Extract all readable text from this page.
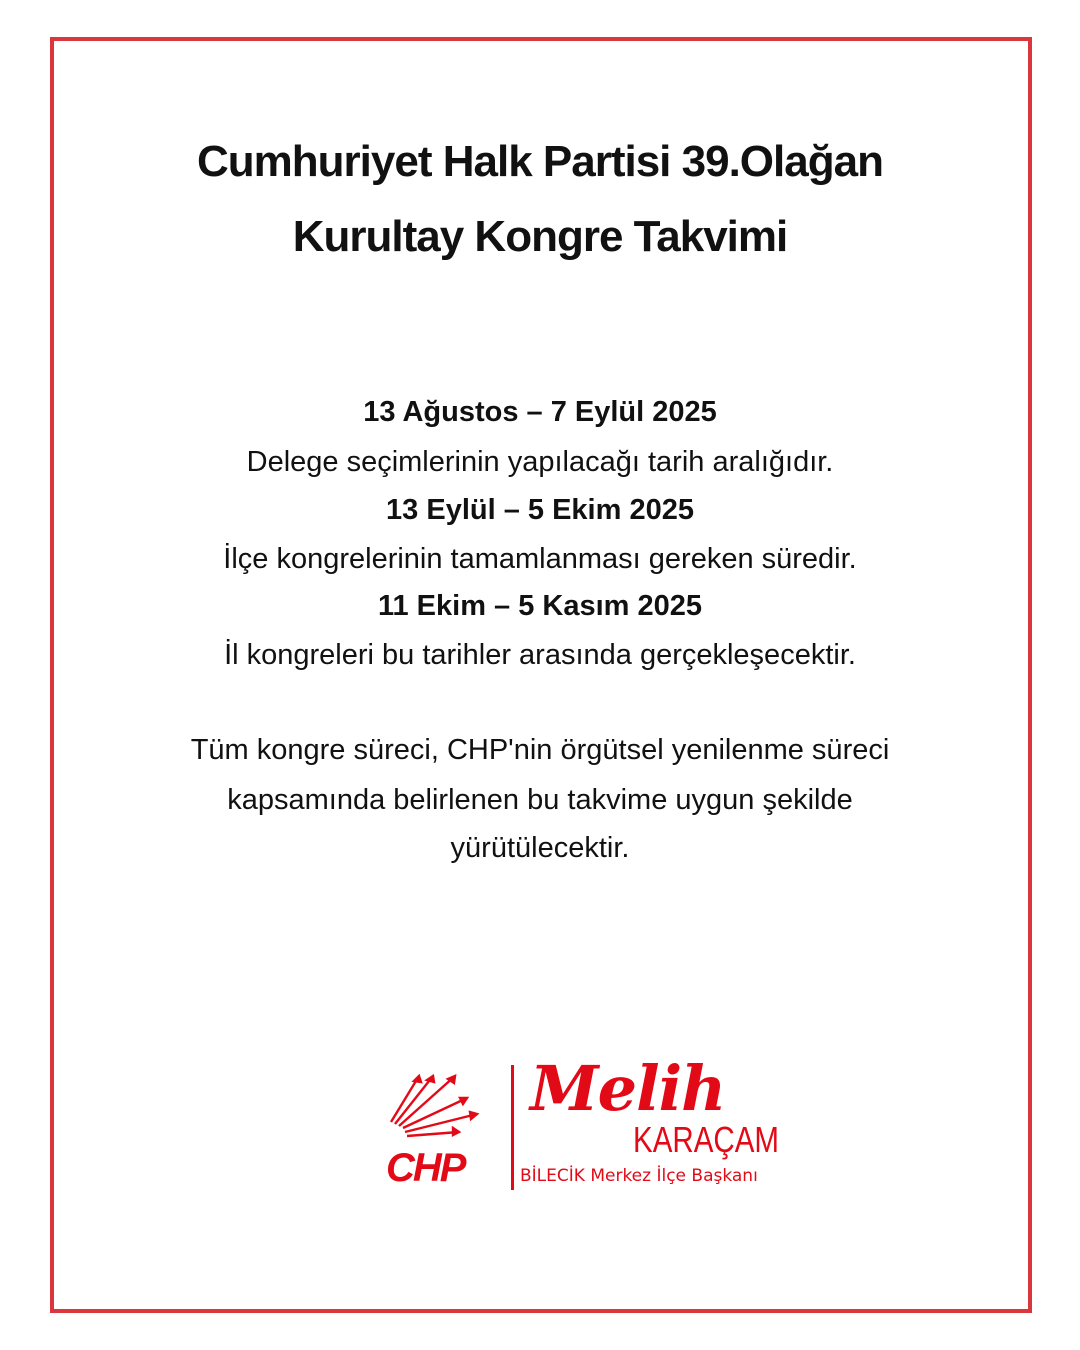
Cumhuriyet Halk Partisi 39.Olağan
Kurultay Kongre Takvimi
13 Ağustos – 7 Eylül 2025
Delege seçimlerinin yapılacağı tarih aralığıdır.
13 Eylül – 5 Ekim 2025
İlçe kongrelerinin tamamlanması gereken süredir.
11 Ekim – 5 Kasım 2025
İl kongreleri bu tarihler arasında gerçekleşecektir.
Tüm kongre süreci, CHP'nin örgütsel yenilenme süreci
kapsamında belirlenen bu takvime uygun şekilde
yürütülecektir.
CHP
Melih
KARAÇAM
BİLECİK Merkez İlçe Başkanı
